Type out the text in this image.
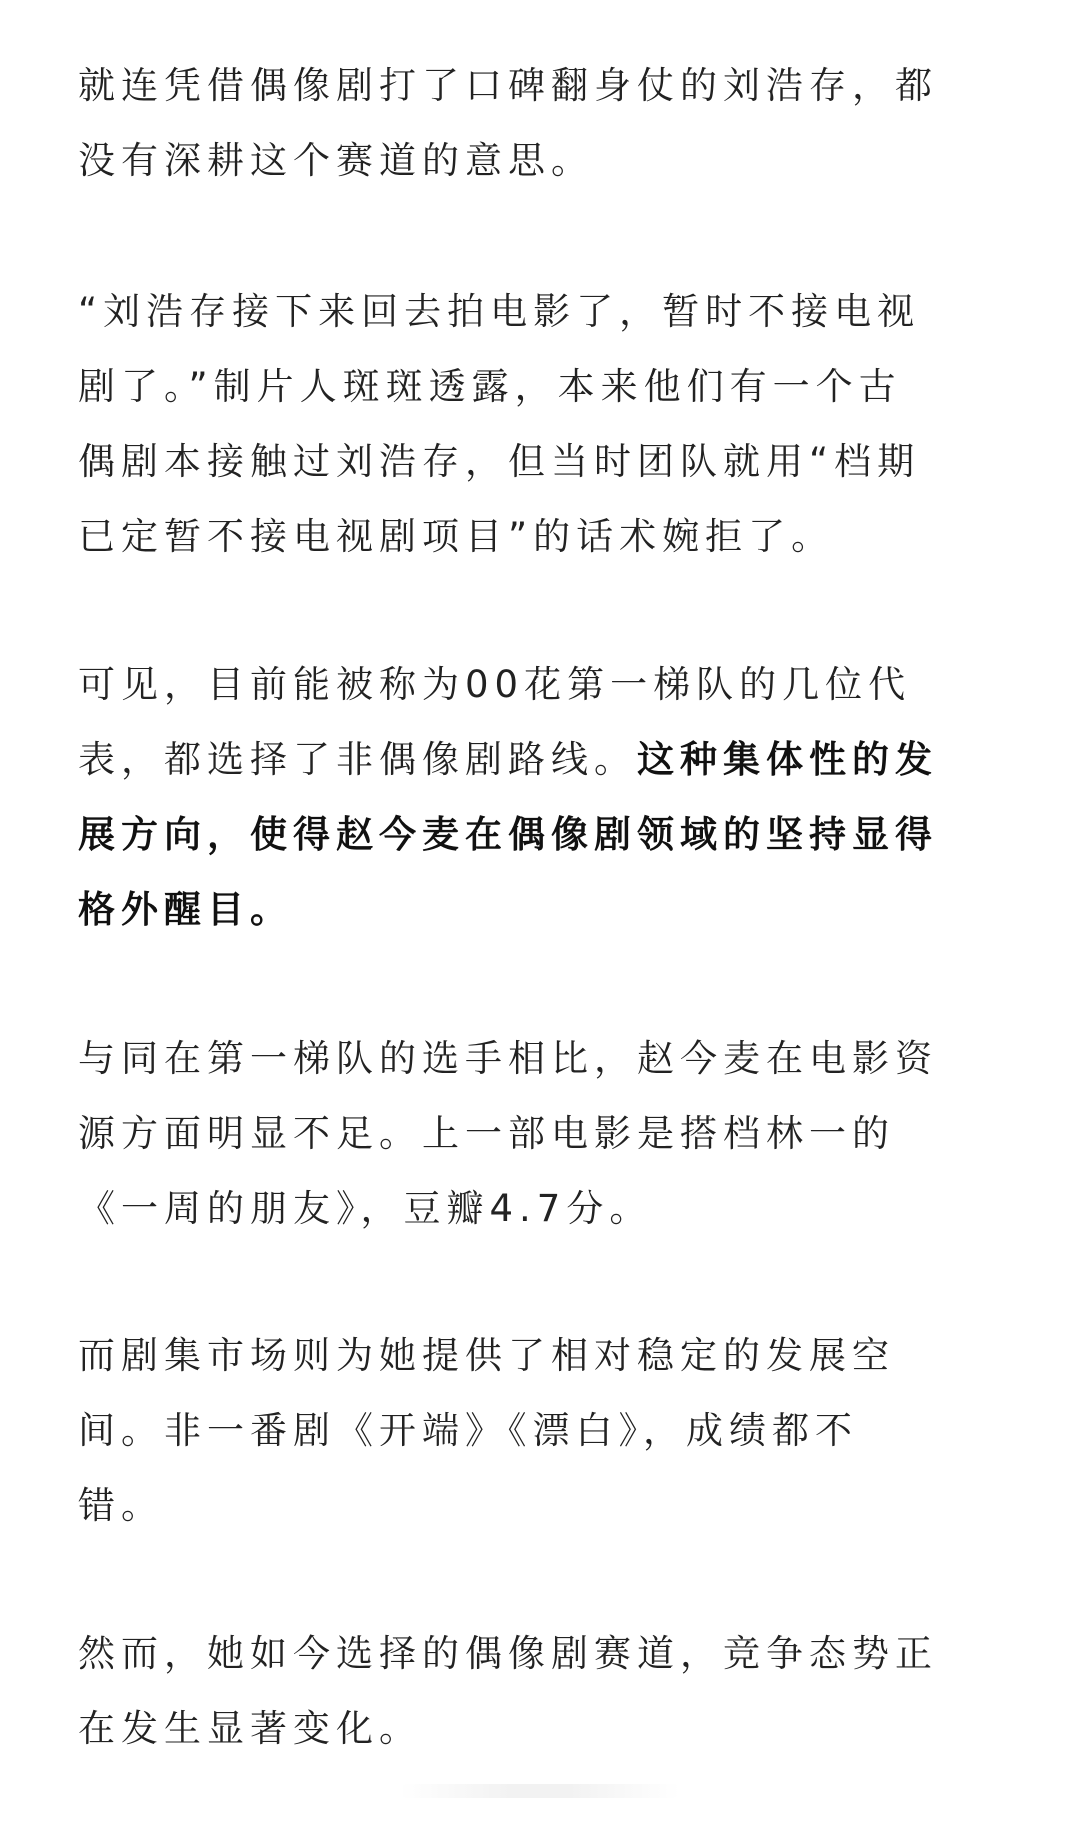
就连凭借偶像剧打了口碑翻身仗的刘浩存，都
没有深耕这个赛道的意思。

“刘浩存接下来回去拍电影了，暂时不接电视
剧了。”制片人斑斑透露，本来他们有一个古
偶剧本接触过刘浩存，但当时团队就用“档期
已定暂不接电视剧项目”的话术婉拒了。

可见，目前能被称为00花第一梯队的几位代
表，都选择了非偶像剧路线。这种集体性的发
展方向，使得赵今麦在偶像剧领域的坚持显得
格外醒目。

与同在第一梯队的选手相比，赵今麦在电影资
源方面明显不足。上一部电影是搭档林一的
《一周的朋友》，豆瓣4.7分。

而剧集市场则为她提供了相对稳定的发展空
间。非一番剧《开端》《漂白》，成绩都不
错。

然而，她如今选择的偶像剧赛道，竞争态势正
在发生显著变化。
